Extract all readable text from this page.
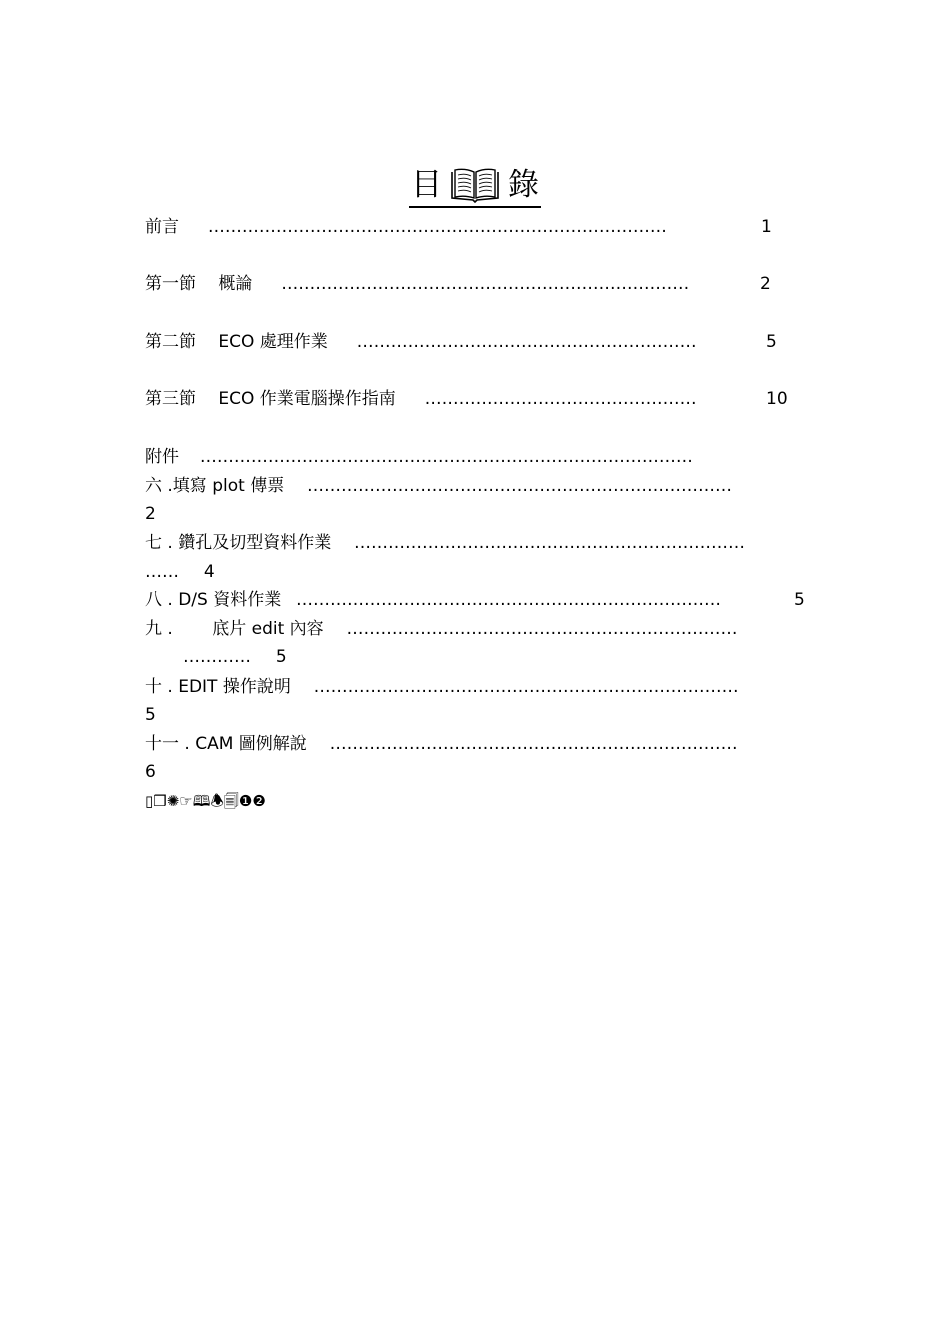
目 錄
前言 ………………………………………………………………………	1
第一節　 概論 ………………………………………………………………	2
第二節　 ECO 處理作業 ……………………………………………………	5
第三節　 ECO 作業電腦操作指南 …………………………………………	10
附件 ……………………………………………………………………………
六 .填寫 plot 傳票 …………………………………………………………………
2
七 . 鑽孔及切型資料作業 ……………………………………………………………
…… 4
八 . D/S 資料作業 …………………………………………………………………	5
九 .　　 底片 edit 內容 ……………………………………………………………
………… 5
十 . EDIT 操作說明 …………………………………………………………………
5
十一 . CAM 圖例解說 ………………………………………………………………
6
▯ ❒ ✺ ☞ 🕮 🕭 🗐 ❶ ❷
